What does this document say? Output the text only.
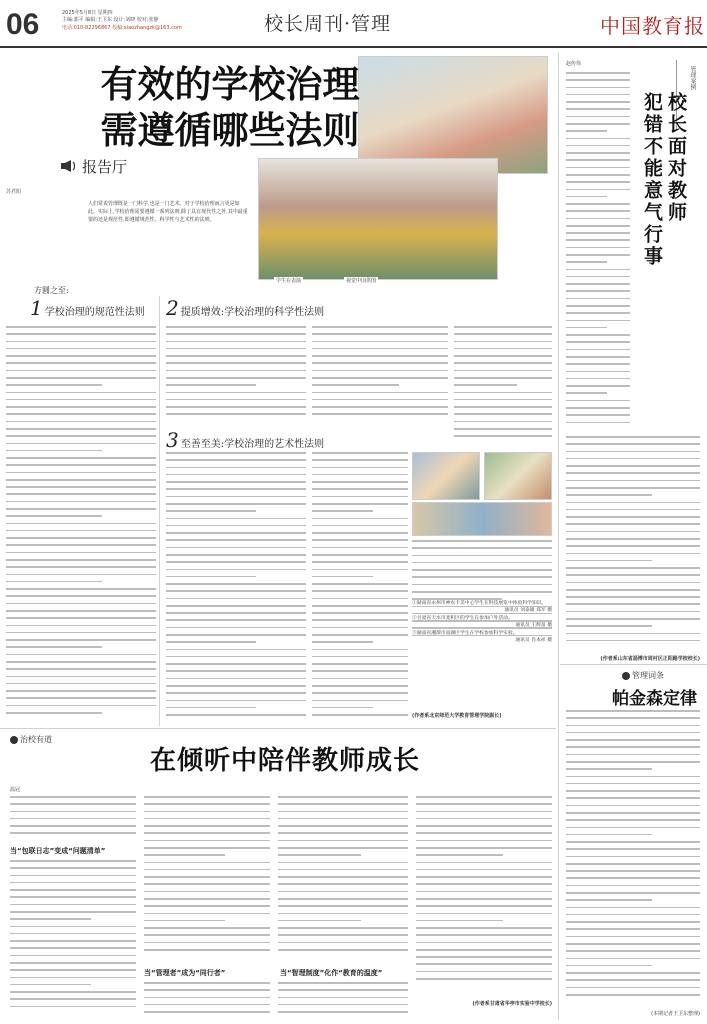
06	2025年5月8日 星期四
主编:郭平 编辑:王卫东 设计:刘晓 校对:张静
电话:010-82296867 投稿:xiaozhangzk@163.com	校长周刊·管理	中国教育报
学生在表演	视觉中国供图
有效的学校治理
需遵循哪些法则
报告厅
苏君阳
人们常说管理既是一门科学,也是一门艺术。对于学校治理而言更是如此。实际上,学校治理需要遵循一系列法则,除了具有现代性之外,其中最重要的还是规范性,即遵循规范性、科学性与艺术性的法则。
方圆之至:
1 学校治理的规范性法则 2 提质增效:学校治理的科学性法则
3 至善至美:学校治理的艺术性法则
①湖南省永州市神农卡美中心学生在科技展览中体验科学知识。
通讯员 刘泰雄 郑军 摄
②甘肃省天水市麦积区的学生在参加户外活动。
通讯员 王辉富 摄
③湖南省湘潭市雨湖区学生在学校参加科学实验。
通讯员 肖本祥 摄
(作者系北京师范大学教育管理学院副长)
赵传伟
管理案例
校长面对教师
犯错不能意气行事
(作者系山东省淄博市周村区正阳路学校校长)
治校有道
在倾听中陪伴教师成长
温冠
当“包联日志”变成“问题清单”
当“管理者”成为“同行者”	当“智理制度”化作“教育的温度”
(作者系甘肃省华亭市实验中学校长)
管理词条
帕金森定律
(本期记者王卫东整理)
